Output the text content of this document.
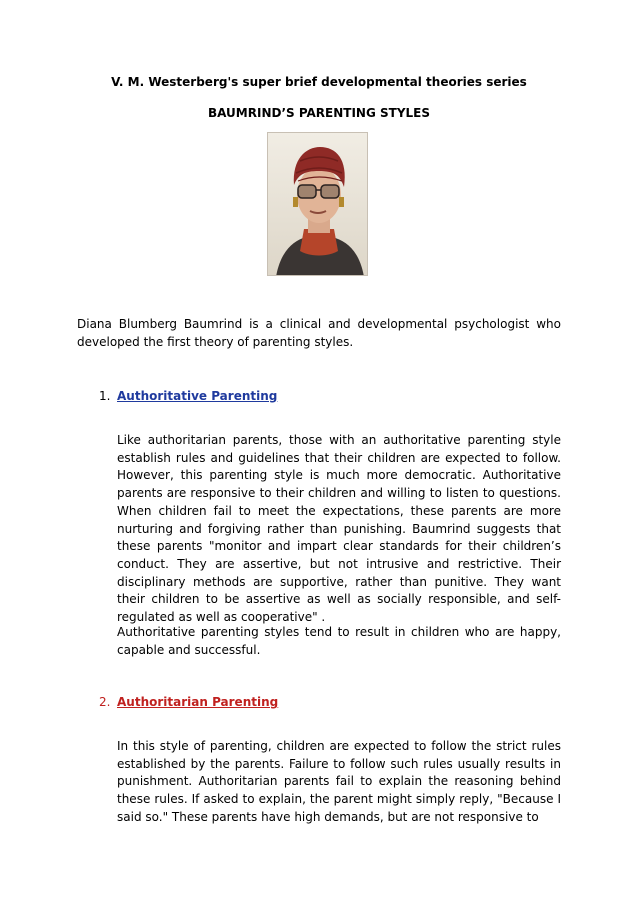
V. M. Westerberg's super brief developmental theories series
BAUMRIND’S PARENTING STYLES
Diana Blumberg Baumrind is a clinical and developmental psychologist who developed the first theory of parenting styles.
1. Authoritative Parenting
Like authoritarian parents, those with an authoritative parenting style establish rules and guidelines that their children are expected to follow. However, this parenting style is much more democratic. Authoritative parents are responsive to their children and willing to listen to questions. When children fail to meet the expectations, these parents are more nurturing and forgiving rather than punishing. Baumrind suggests that these parents "monitor and impart clear standards for their children’s conduct. They are assertive, but not intrusive and restrictive. Their disciplinary methods are supportive, rather than punitive. They want their children to be assertive as well as socially responsible, and self-regulated as well as cooperative" .
Authoritative parenting styles tend to result in children who are happy, capable and successful.
2. Authoritarian Parenting
In this style of parenting, children are expected to follow the strict rules established by the parents. Failure to follow such rules usually results in punishment. Authoritarian parents fail to explain the reasoning behind these rules. If asked to explain, the parent might simply reply, "Because I said so." These parents have high demands, but are not responsive to
